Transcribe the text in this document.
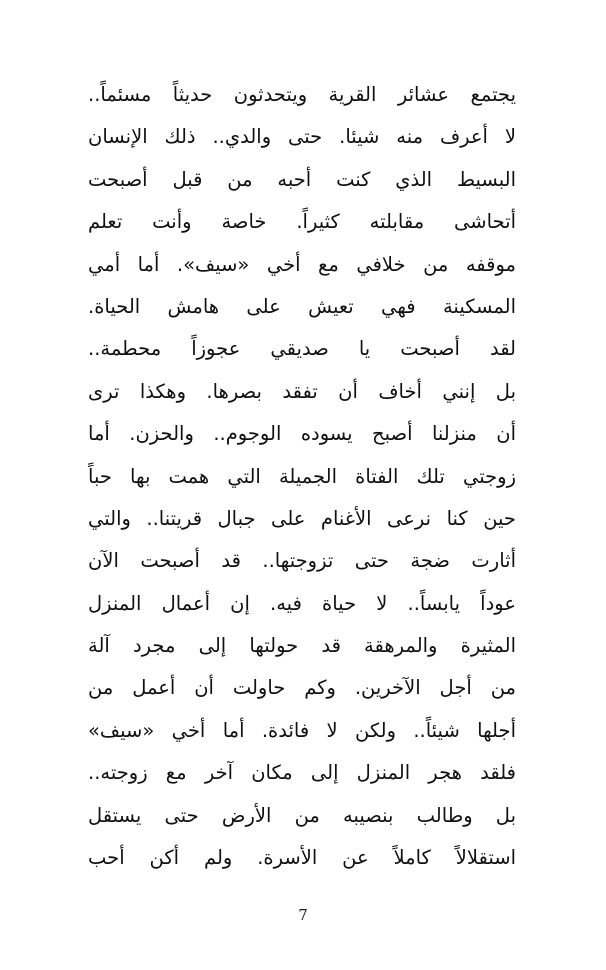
يجتمع عشائر القرية ويتحدثون حديثاً مسئماً..
لا أعرف منه شيئا. حتى والدي.. ذلك الإنسان
البسيط الذي كنت أحبه من قبل أصبحت
أتحاشى مقابلته كثيراً. خاصة وأنت تعلم
موقفه من خلافي مع أخي «سيف». أما أمي
المسكينة فهي تعيش على هامش الحياة.
لقد أصبحت يا صديقي عجوزاً محطمة..
بل إنني أخاف أن تفقد بصرها. وهكذا ترى
أن منزلنا أصبح يسوده الوجوم.. والحزن. أما
زوجتي تلك الفتاة الجميلة التي همت بها حباً
حين كنا نرعى الأغنام على جبال قريتنا.. والتي
أثارت ضجة حتى تزوجتها.. قد أصبحت الآن
عوداً يابساً.. لا حياة فيه. إن أعمال المنزل
المثيرة والمرهقة قد حولتها إلى مجرد آلة
من أجل الآخرين. وكم حاولت أن أعمل من
أجلها شيئاً.. ولكن لا فائدة. أما أخي «سيف»
فلقد هجر المنزل إلى مكان آخر مع زوجته..
بل وطالب بنصيبه من الأرض حتى يستقل
استقلالاً كاملاً عن الأسرة. ولم أكن أحب
7
